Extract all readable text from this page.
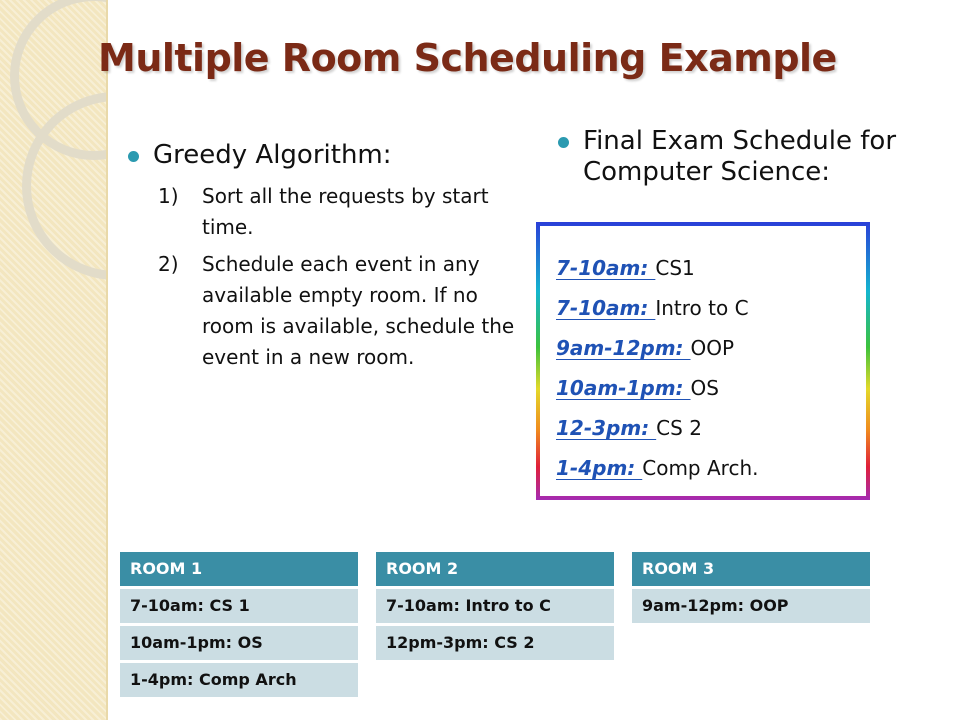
Multiple Room Scheduling Example
Greedy Algorithm:
1)	Sort all the requests by start time.
2)	Schedule each event in any available empty room. If no room is available, schedule the event in a new room.
Final Exam Schedule for Computer Science:
7-10am: CS1
7-10am: Intro to C
9am-12pm: OOP
10am-1pm: OS
12-3pm: CS 2
1-4pm: Comp Arch.
ROOM 1
7-10am: CS 1
10am-1pm: OS
1-4pm: Comp Arch
ROOM 2
7-10am: Intro to C
12pm-3pm: CS 2
ROOM 3
9am-12pm: OOP
